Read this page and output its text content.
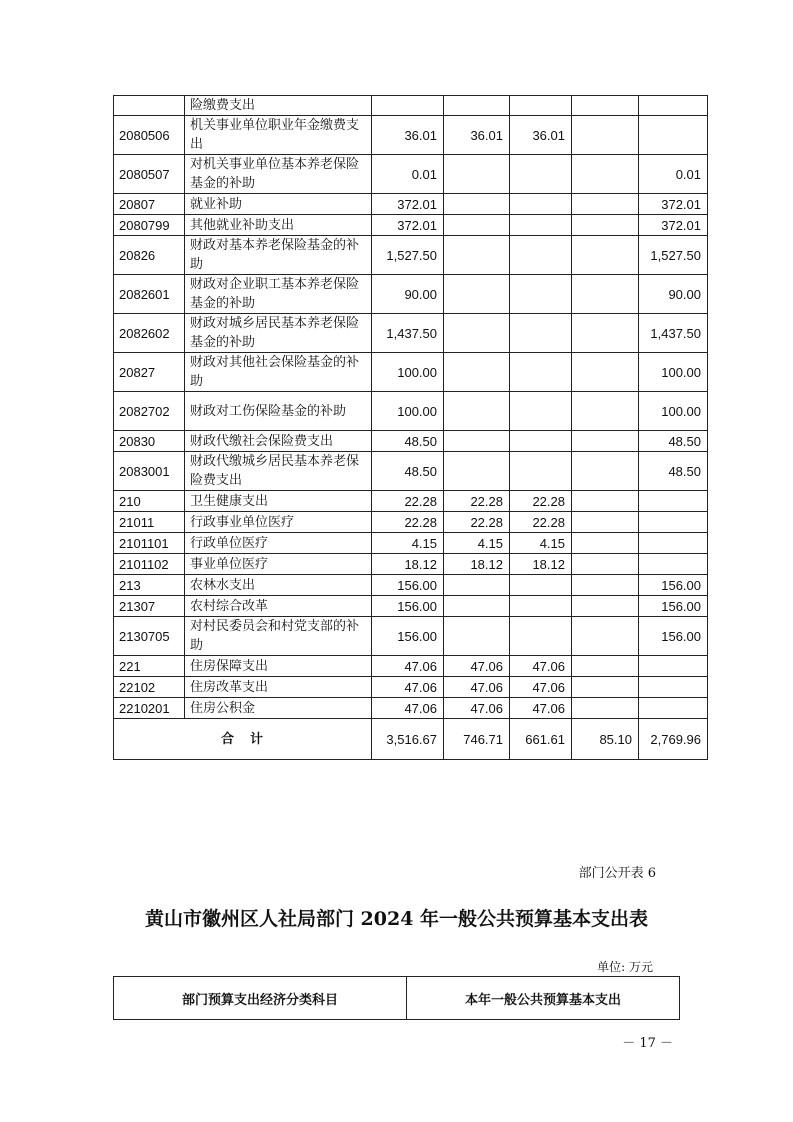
	险缴费支出					
2080506	机关事业单位职业年金缴费支出	36.01	36.01	36.01		
2080507	对机关事业单位基本养老保险基金的补助	0.01				0.01
20807	就业补助	372.01				372.01
2080799	其他就业补助支出	372.01				372.01
20826	财政对基本养老保险基金的补助	1,527.50				1,527.50
2082601	财政对企业职工基本养老保险基金的补助	90.00				90.00
2082602	财政对城乡居民基本养老保险基金的补助	1,437.50				1,437.50
20827	财政对其他社会保险基金的补助	100.00				100.00
2082702	财政对工伤保险基金的补助	100.00				100.00
20830	财政代缴社会保险费支出	48.50				48.50
2083001	财政代缴城乡居民基本养老保险费支出	48.50				48.50
210	卫生健康支出	22.28	22.28	22.28		
21011	行政事业单位医疗	22.28	22.28	22.28		
2101101	行政单位医疗	4.15	4.15	4.15		
2101102	事业单位医疗	18.12	18.12	18.12		
213	农林水支出	156.00				156.00
21307	农村综合改革	156.00				156.00
2130705	对村民委员会和村党支部的补助	156.00				156.00
221	住房保障支出	47.06	47.06	47.06		
22102	住房改革支出	47.06	47.06	47.06		
2210201	住房公积金	47.06	47.06	47.06		
合计		3,516.67	746.71	661.61	85.10	2,769.96
部门公开表 6
黄山市徽州区人社局部门 2024 年一般公共预算基本支出表
单位: 万元
部门预算支出经济分类科目	本年一般公共预算基本支出
－ 17 －
